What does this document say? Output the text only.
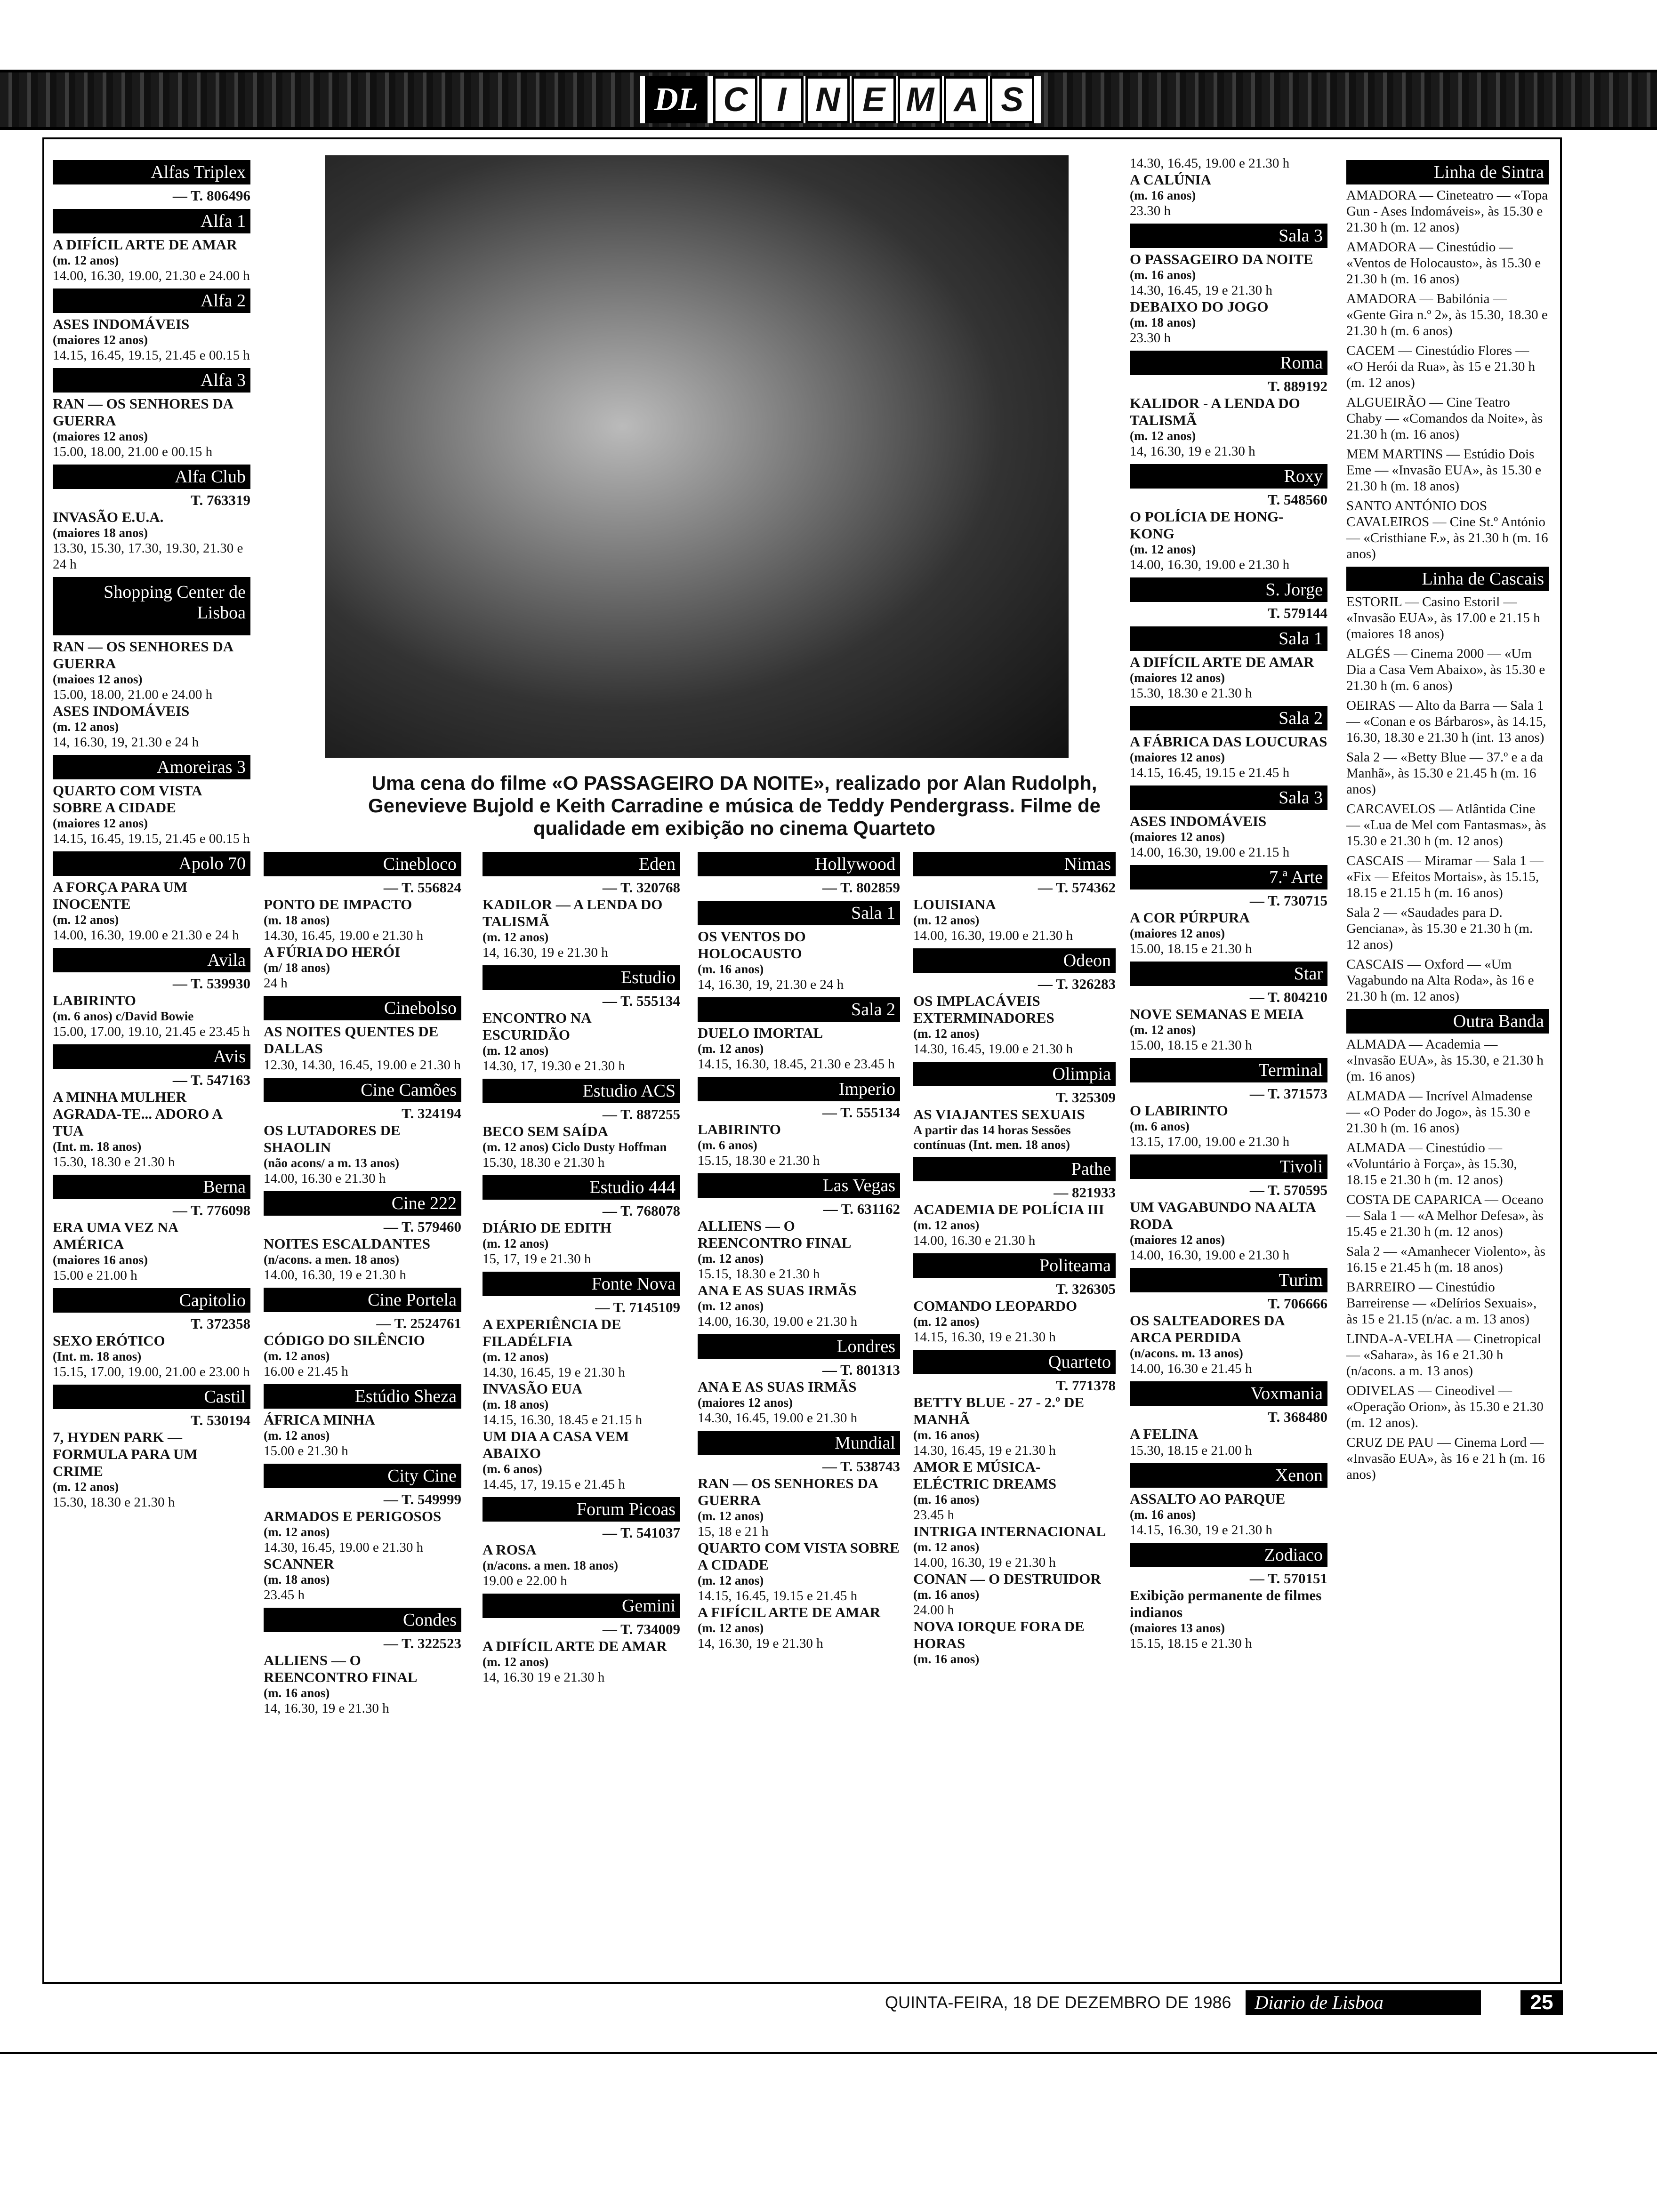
DL C I N E M A S
Alfas Triplex
— T. 806496
Alfa 1
A DIFÍCIL ARTE DE AMAR
(m. 12 anos)
14.00, 16.30, 19.00, 21.30 e 24.00 h
Alfa 2
ASES INDOMÁVEIS
(maiores 12 anos)
14.15, 16.45, 19.15, 21.45 e 00.15 h
Alfa 3
RAN — OS SENHORES DA GUERRA
(maiores 12 anos)
15.00, 18.00, 21.00 e 00.15 h
Alfa Club
T. 763319
INVASÃO E.U.A.
(maiores 18 anos)
13.30, 15.30, 17.30, 19.30, 21.30 e 24 h
Shopping Center de Lisboa
RAN — OS SENHORES DA GUERRA
(maioes 12 anos)
15.00, 18.00, 21.00 e 24.00 h
ASES INDOMÁVEIS
(m. 12 anos)
14, 16.30, 19, 21.30 e 24 h
Amoreiras 3
QUARTO COM VISTA SOBRE A CIDADE
(maiores 12 anos)
14.15, 16.45, 19.15, 21.45 e 00.15 h
Apolo 70
A FORÇA PARA UM INOCENTE
(m. 12 anos)
14.00, 16.30, 19.00 e 21.30 e 24 h
Avila
— T. 539930
LABIRINTO
(m. 6 anos) c/David Bowie
15.00, 17.00, 19.10, 21.45 e 23.45 h
Avis
— T. 547163
A MINHA MULHER AGRADA-TE... ADORO A TUA
(Int. m. 18 anos)
15.30, 18.30 e 21.30 h
Berna
— T. 776098
ERA UMA VEZ NA AMÉRICA
(maiores 16 anos)
15.00 e 21.00 h
Capitolio
T. 372358
SEXO ERÓTICO
(Int. m. 18 anos)
15.15, 17.00, 19.00, 21.00 e 23.00 h
Castil
T. 530194
7, HYDEN PARK — FORMULA PARA UM CRIME
(m. 12 anos)
15.30, 18.30 e 21.30 h
Uma cena do filme «O PASSAGEIRO DA NOITE», realizado por Alan Rudolph, Genevieve Bujold e Keith Carradine e música de Teddy Pendergrass. Filme de qualidade em exibição no cinema Quarteto
Cinebloco
— T. 556824
PONTO DE IMPACTO
(m. 18 anos)
14.30, 16.45, 19.00 e 21.30 h
A FÚRIA DO HERÓI
(m/ 18 anos)
24 h
Cinebolso
AS NOITES QUENTES DE DALLAS
12.30, 14.30, 16.45, 19.00 e 21.30 h
Cine Camões
T. 324194
OS LUTADORES DE SHAOLIN
(não acons/ a m. 13 anos)
14.00, 16.30 e 21.30 h
Cine 222
— T. 579460
NOITES ESCALDANTES
(n/acons. a men. 18 anos)
14.00, 16.30, 19 e 21.30 h
Cine Portela
— T. 2524761
CÓDIGO DO SILÊNCIO
(m. 12 anos)
16.00 e 21.45 h
Estúdio Sheza
ÁFRICA MINHA
(m. 12 anos)
15.00 e 21.30 h
City Cine
— T. 549999
ARMADOS E PERIGOSOS
(m. 12 anos)
14.30, 16.45, 19.00 e 21.30 h
SCANNER
(m. 18 anos)
23.45 h
Condes
— T. 322523
ALLIENS — O REENCONTRO FINAL
(m. 16 anos)
14, 16.30, 19 e 21.30 h
Eden
— T. 320768
KADILOR — A LENDA DO TALISMÃ
(m. 12 anos)
14, 16.30, 19 e 21.30 h
Estudio
— T. 555134
ENCONTRO NA ESCURIDÃO
(m. 12 anos)
14.30, 17, 19.30 e 21.30 h
Estudio ACS
— T. 887255
BECO SEM SAÍDA
(m. 12 anos) Ciclo Dusty Hoffman
15.30, 18.30 e 21.30 h
Estudio 444
— T. 768078
DIÁRIO DE EDITH
(m. 12 anos)
15, 17, 19 e 21.30 h
Fonte Nova
— T. 7145109
A EXPERIÊNCIA DE FILADÉLFIA
(m. 12 anos)
14.30, 16.45, 19 e 21.30 h
INVASÃO EUA
(m. 18 anos)
14.15, 16.30, 18.45 e 21.15 h
UM DIA A CASA VEM ABAIXO
(m. 6 anos)
14.45, 17, 19.15 e 21.45 h
Forum Picoas
— T. 541037
A ROSA
(n/acons. a men. 18 anos)
19.00 e 22.00 h
Gemini
— T. 734009
A DIFÍCIL ARTE DE AMAR
(m. 12 anos)
14, 16.30 19 e 21.30 h
Hollywood
— T. 802859
Sala 1
OS VENTOS DO HOLOCAUSTO
(m. 16 anos)
14, 16.30, 19, 21.30 e 24 h
Sala 2
DUELO IMORTAL
(m. 12 anos)
14.15, 16.30, 18.45, 21.30 e 23.45 h
Imperio
— T. 555134
LABIRINTO
(m. 6 anos)
15.15, 18.30 e 21.30 h
Las Vegas
— T. 631162
ALLIENS — O REENCONTRO FINAL
(m. 12 anos)
15.15, 18.30 e 21.30 h
ANA E AS SUAS IRMÃS
(m. 12 anos)
14.00, 16.30, 19.00 e 21.30 h
Londres
— T. 801313
ANA E AS SUAS IRMÃS
(maiores 12 anos)
14.30, 16.45, 19.00 e 21.30 h
Mundial
— T. 538743
RAN — OS SENHORES DA GUERRA
(m. 12 anos)
15, 18 e 21 h
QUARTO COM VISTA SOBRE A CIDADE
(m. 12 anos)
14.15, 16.45, 19.15 e 21.45 h
A FIFÍCIL ARTE DE AMAR
(m. 12 anos)
14, 16.30, 19 e 21.30 h
Nimas
— T. 574362
LOUISIANA
(m. 12 anos)
14.00, 16.30, 19.00 e 21.30 h
Odeon
— T. 326283
OS IMPLACÁVEIS EXTERMINADORES
(m. 12 anos)
14.30, 16.45, 19.00 e 21.30 h
Olimpia
T. 325309
AS VIAJANTES SEXUAIS
A partir das 14 horas Sessões contínuas (Int. men. 18 anos)
Pathe
— 821933
ACADEMIA DE POLÍCIA III
(m. 12 anos)
14.00, 16.30 e 21.30 h
Politeama
T. 326305
COMANDO LEOPARDO
(m. 12 anos)
14.15, 16.30, 19 e 21.30 h
Quarteto
T. 771378
BETTY BLUE - 27 - 2.º DE MANHÃ
(m. 16 anos)
14.30, 16.45, 19 e 21.30 h
AMOR E MÚSICA-ELÉCTRIC DREAMS
(m. 16 anos)
23.45 h
INTRIGA INTERNACIONAL
(m. 12 anos)
14.00, 16.30, 19 e 21.30 h
CONAN — O DESTRUIDOR
(m. 16 anos)
24.00 h
NOVA IORQUE FORA DE HORAS
(m. 16 anos)
14.30, 16.45, 19.00 e 21.30 h
A CALÚNIA
(m. 16 anos)
23.30 h
Sala 3
O PASSAGEIRO DA NOITE
(m. 16 anos)
14.30, 16.45, 19 e 21.30 h
DEBAIXO DO JOGO
(m. 18 anos)
23.30 h
Roma
T. 889192
KALIDOR - A LENDA DO TALISMÃ
(m. 12 anos)
14, 16.30, 19 e 21.30 h
Roxy
T. 548560
O POLÍCIA DE HONG-KONG
(m. 12 anos)
14.00, 16.30, 19.00 e 21.30 h
S. Jorge
T. 579144
Sala 1
A DIFÍCIL ARTE DE AMAR
(maiores 12 anos)
15.30, 18.30 e 21.30 h
Sala 2
A FÁBRICA DAS LOUCURAS
(maiores 12 anos)
14.15, 16.45, 19.15 e 21.45 h
Sala 3
ASES INDOMÁVEIS
(maiores 12 anos)
14.00, 16.30, 19.00 e 21.15 h
7.ª Arte
— T. 730715
A COR PÚRPURA
(maiores 12 anos)
15.00, 18.15 e 21.30 h
Star
— T. 804210
NOVE SEMANAS E MEIA
(m. 12 anos)
15.00, 18.15 e 21.30 h
Terminal
— T. 371573
O LABIRINTO
(m. 6 anos)
13.15, 17.00, 19.00 e 21.30 h
Tivoli
— T. 570595
UM VAGABUNDO NA ALTA RODA
(maiores 12 anos)
14.00, 16.30, 19.00 e 21.30 h
Turim
T. 706666
OS SALTEADORES DA ARCA PERDIDA
(n/acons. m. 13 anos)
14.00, 16.30 e 21.45 h
Voxmania
T. 368480
A FELINA
15.30, 18.15 e 21.00 h
Xenon
ASSALTO AO PARQUE
(m. 16 anos)
14.15, 16.30, 19 e 21.30 h
Zodiaco
— T. 570151
Exibição permanente de filmes indianos
(maiores 13 anos)
15.15, 18.15 e 21.30 h
Linha de Sintra
AMADORA — Cineteatro — «Topa Gun - Ases Indomáveis», às 15.30 e 21.30 h (m. 12 anos)
AMADORA — Cinestúdio — «Ventos de Holocausto», às 15.30 e 21.30 h (m. 16 anos)
AMADORA — Babilónia — «Gente Gira n.º 2», às 15.30, 18.30 e 21.30 h (m. 6 anos)
CACEM — Cinestúdio Flores — «O Herói da Rua», às 15 e 21.30 h (m. 12 anos)
ALGUEIRÃO — Cine Teatro Chaby — «Comandos da Noite», às 21.30 h (m. 16 anos)
MEM MARTINS — Estúdio Dois Eme — «Invasão EUA», às 15.30 e 21.30 h (m. 18 anos)
SANTO ANTÓNIO DOS CAVALEIROS — Cine St.º António — «Cristhiane F.», às 21.30 h (m. 16 anos)
Linha de Cascais
ESTORIL — Casino Estoril — «Invasão EUA», às 17.00 e 21.15 h (maiores 18 anos)
ALGÉS — Cinema 2000 — «Um Dia a Casa Vem Abaixo», às 15.30 e 21.30 h (m. 6 anos)
OEIRAS — Alto da Barra — Sala 1 — «Conan e os Bárbaros», às 14.15, 16.30, 18.30 e 21.30 h (int. 13 anos)
Sala 2 — «Betty Blue — 37.º e a da Manhã», às 15.30 e 21.45 h (m. 16 anos)
CARCAVELOS — Atlântida Cine — «Lua de Mel com Fantasmas», às 15.30 e 21.30 h (m. 12 anos)
CASCAIS — Miramar — Sala 1 — «Fix — Efeitos Mortais», às 15.15, 18.15 e 21.15 h (m. 16 anos)
Sala 2 — «Saudades para D. Genciana», às 15.30 e 21.30 h (m. 12 anos)
CASCAIS — Oxford — «Um Vagabundo na Alta Roda», às 16 e 21.30 h (m. 12 anos)
Outra Banda
ALMADA — Academia — «Invasão EUA», às 15.30, e 21.30 h (m. 16 anos)
ALMADA — Incrível Almadense — «O Poder do Jogo», às 15.30 e 21.30 h (m. 16 anos)
ALMADA — Cinestúdio — «Voluntário à Força», às 15.30, 18.15 e 21.30 h (m. 12 anos)
COSTA DE CAPARICA — Oceano — Sala 1 — «A Melhor Defesa», às 15.45 e 21.30 h (m. 12 anos)
Sala 2 — «Amanhecer Violento», às 16.15 e 21.45 h (m. 18 anos)
BARREIRO — Cinestúdio Barreirense — «Delírios Sexuais», às 15 e 21.15 (n/ac. a m. 13 anos)
LINDA-A-VELHA — Cinetropical — «Sahara», às 16 e 21.30 h (n/acons. a m. 13 anos)
ODIVELAS — Cineodivel — «Operação Orion», às 15.30 e 21.30 (m. 12 anos).
CRUZ DE PAU — Cinema Lord — «Invasão EUA», às 16 e 21 h (m. 16 anos)
QUINTA-FEIRA, 18 DE DEZEMBRO DE 1986	Diario de Lisboa	25
